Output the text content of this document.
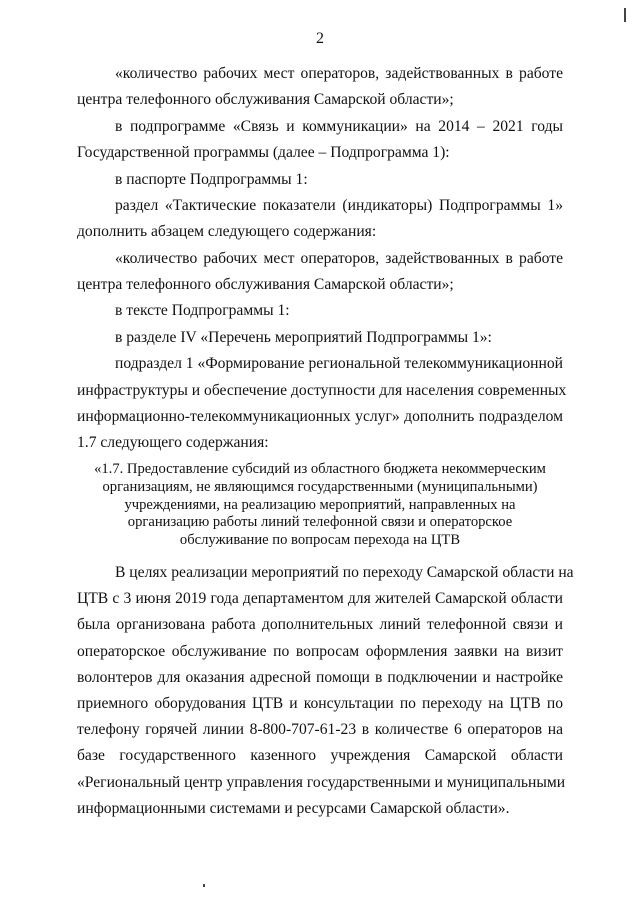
2
«количество рабочих мест операторов, задействованных в работе
центра телефонного обслуживания Самарской области»;
в подпрограмме «Связь и коммуникации» на 2014 – 2021 годы
Государственной программы (далее – Подпрограмма 1):
в паспорте Подпрограммы 1:
раздел «Тактические показатели (индикаторы) Подпрограммы 1»
дополнить абзацем следующего содержания:
«количество рабочих мест операторов, задействованных в работе
центра телефонного обслуживания Самарской области»;
в тексте Подпрограммы 1:
в разделе IV «Перечень мероприятий Подпрограммы 1»:
подраздел 1 «Формирование региональной телекоммуникационной
инфраструктуры и обеспечение доступности для населения современных
информационно-телекоммуникационных услуг» дополнить подразделом
1.7 следующего содержания:
«1.7. Предоставление субсидий из областного бюджета некоммерческим
организациям, не являющимся государственными (муниципальными)
учреждениями, на реализацию мероприятий, направленных на
организацию работы линий телефонной связи и операторское
обслуживание по вопросам перехода на ЦТВ
В целях реализации мероприятий по переходу Самарской области на
ЦТВ с 3 июня 2019 года департаментом для жителей Самарской области
была организована работа дополнительных линий телефонной связи и
операторское обслуживание по вопросам оформления заявки на визит
волонтеров для оказания адресной помощи в подключении и настройке
приемного оборудования ЦТВ и консультации по переходу на ЦТВ по
телефону горячей линии 8-800-707-61-23 в количестве 6 операторов на
базе государственного казенного учреждения Самарской области
«Региональный центр управления государственными и муниципальными
информационными системами и ресурсами Самарской области».
